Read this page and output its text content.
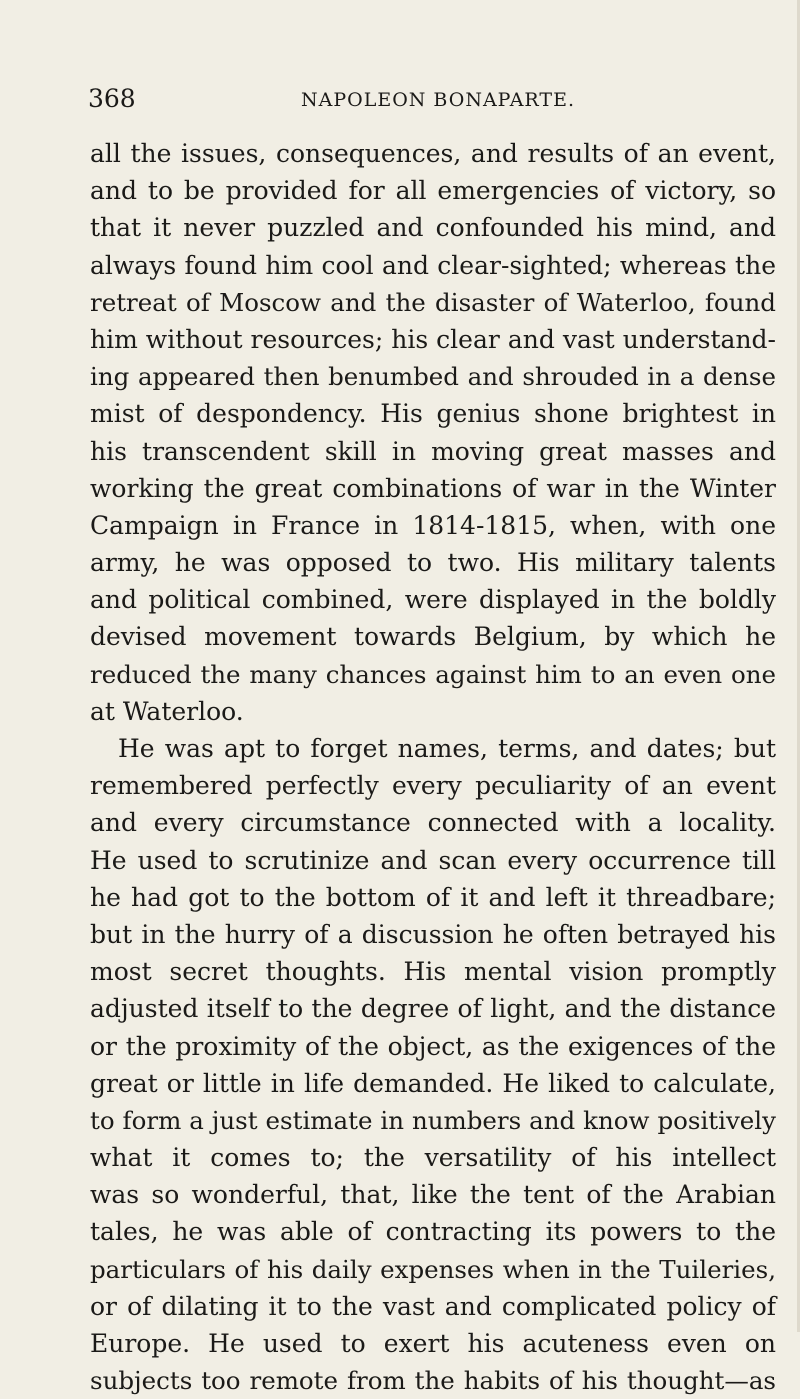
368	NAPOLEON BONAPARTE.
all the issues, consequences, and results of an event,
and to be provided for all emergencies of victory, so
that it never puzzled and confounded his mind, and
always found him cool and clear-sighted; whereas the
retreat of Moscow and the disaster of Waterloo, found
him without resources; his clear and vast understand-
ing appeared then benumbed and shrouded in a dense
mist of despondency. His genius shone brightest in
his transcendent skill in moving great masses and
working the great combinations of war in the Winter
Campaign in France in 1814-1815, when, with one
army, he was opposed to two. His military talents
and political combined, were displayed in the boldly
devised movement towards Belgium, by which he
reduced the many chances against him to an even one
at Waterloo.
He was apt to forget names, terms, and dates; but
remembered perfectly every peculiarity of an event
and every circumstance connected with a locality.
He used to scrutinize and scan every occurrence till
he had got to the bottom of it and left it threadbare;
but in the hurry of a discussion he often betrayed his
most secret thoughts. His mental vision promptly
adjusted itself to the degree of light, and the distance
or the proximity of the object, as the exigences of the
great or little in life demanded. He liked to calculate,
to form a just estimate in numbers and know positively
what it comes to; the versatility of his intellect
was so wonderful, that, like the tent of the Arabian
tales, he was able of contracting its powers to the
particulars of his daily expenses when in the Tuileries,
or of dilating it to the vast and complicated policy of
Europe. He used to exert his acuteness even on
subjects too remote from the habits of his thought—as
